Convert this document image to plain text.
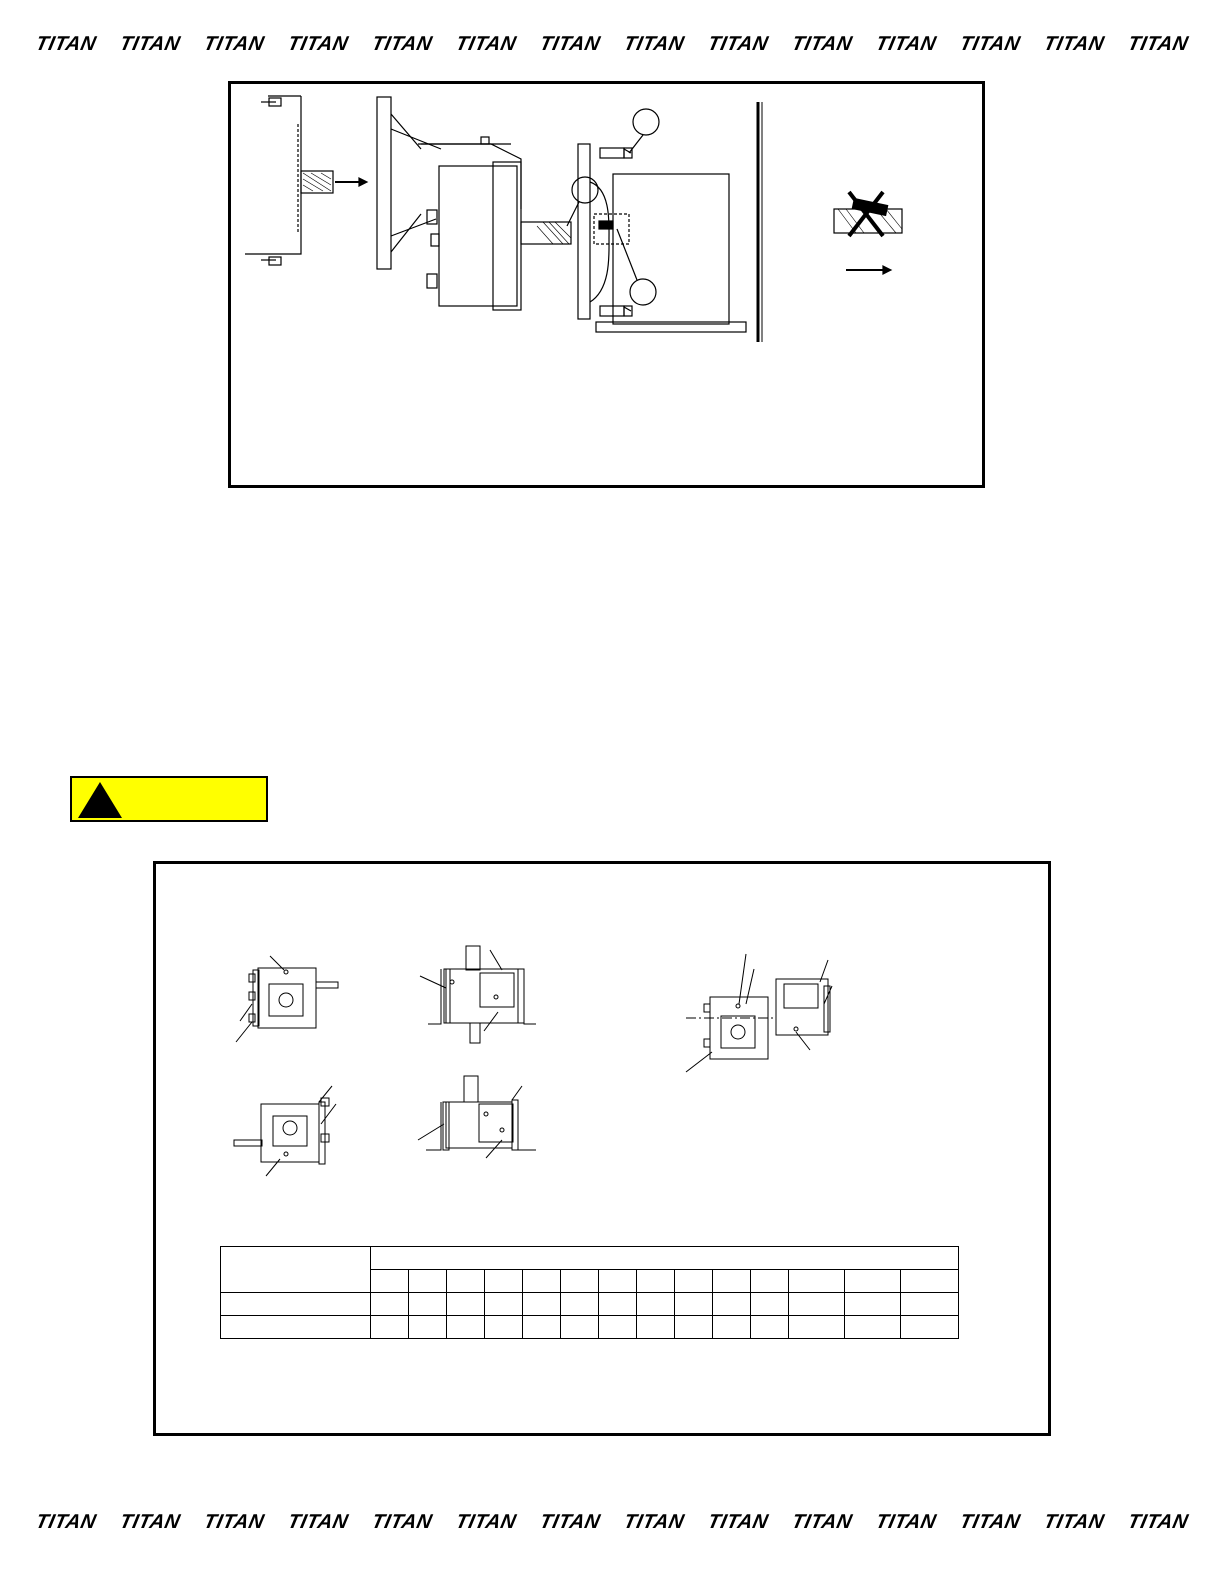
TITAN TITAN TITAN TITAN TITAN TITAN TITAN TITAN TITAN TITAN TITAN TITAN TITAN TITAN

TITAN TITAN TITAN TITAN TITAN TITAN TITAN TITAN TITAN TITAN TITAN TITAN TITAN TITAN
